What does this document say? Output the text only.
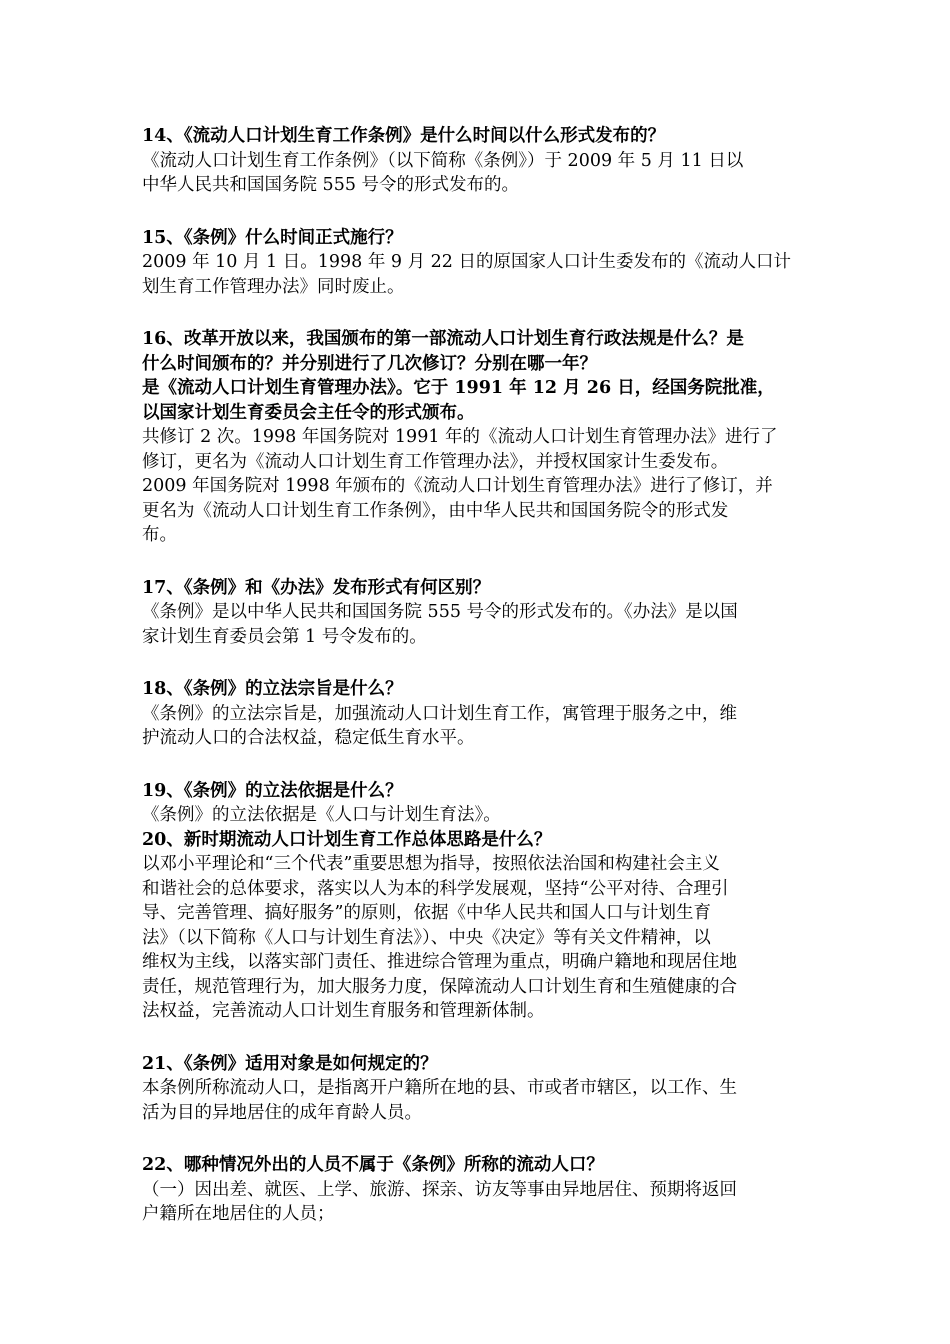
14、《流动人口计划生育工作条例》是什么时间以什么形式发布的？
《流动人口计划生育工作条例》（以下简称《条例》）于 2009 年 5 月 11 日以
中华人民共和国国务院 555 号令的形式发布的。
15、《条例》什么时间正式施行？
2009 年 10 月 1 日。1998 年 9 月 22 日的原国家人口计生委发布的《流动人口计
划生育工作管理办法》同时废止。
16、改革开放以来，我国颁布的第一部流动人口计划生育行政法规是什么？是
什么时间颁布的？并分别进行了几次修订？分别在哪一年？
是《流动人口计划生育管理办法》。它于 1991 年 12 月 26 日，经国务院批准，
以国家计划生育委员会主任令的形式颁布。
共修订 2 次。1998 年国务院对 1991 年的《流动人口计划生育管理办法》进行了
修订，更名为《流动人口计划生育工作管理办法》，并授权国家计生委发布。
2009 年国务院对 1998 年颁布的《流动人口计划生育管理办法》进行了修订，并
更名为《流动人口计划生育工作条例》，由中华人民共和国国务院令的形式发
布。
17、《条例》和《办法》发布形式有何区别？
《条例》是以中华人民共和国国务院 555 号令的形式发布的。《办法》是以国
家计划生育委员会第 1 号令发布的。
18、《条例》的立法宗旨是什么？
《条例》的立法宗旨是，加强流动人口计划生育工作，寓管理于服务之中，维
护流动人口的合法权益，稳定低生育水平。
19、《条例》的立法依据是什么？
《条例》的立法依据是《人口与计划生育法》。
20、新时期流动人口计划生育工作总体思路是什么？
以邓小平理论和“三个代表”重要思想为指导，按照依法治国和构建社会主义
和谐社会的总体要求，落实以人为本的科学发展观，坚持“公平对待、合理引
导、完善管理、搞好服务”的原则，依据《中华人民共和国人口与计划生育
法》（以下简称《人口与计划生育法》）、中央《决定》等有关文件精神，以
维权为主线，以落实部门责任、推进综合管理为重点，明确户籍地和现居住地
责任，规范管理行为，加大服务力度，保障流动人口计划生育和生殖健康的合
法权益，完善流动人口计划生育服务和管理新体制。
21、《条例》适用对象是如何规定的？
本条例所称流动人口，是指离开户籍所在地的县、市或者市辖区，以工作、生
活为目的异地居住的成年育龄人员。
22、哪种情况外出的人员不属于《条例》所称的流动人口？
（一）因出差、就医、上学、旅游、探亲、访友等事由异地居住、预期将返回
户籍所在地居住的人员；
